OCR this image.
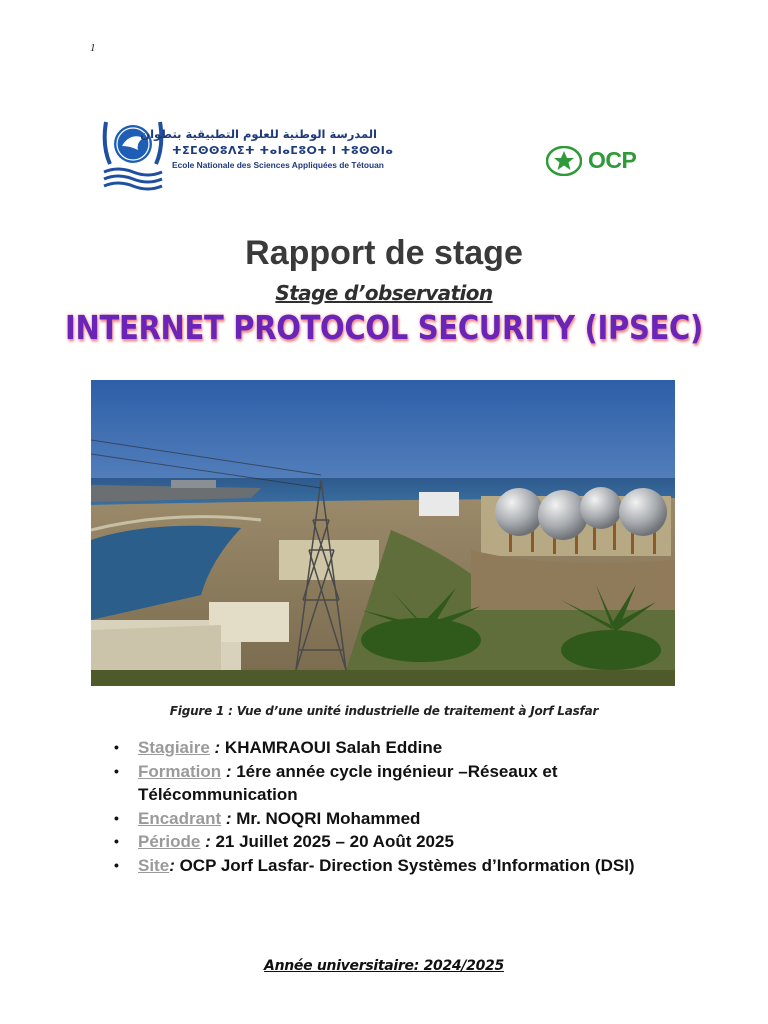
1
المدرسة الوطنية للعلوم التطبيقية بتطوان
ⵜⵉⵎⵙⵙⵓⴷⵉⵜ ⵜⴰⵏⴰⵎⵓⵔⵜ ⵏ ⵜⵓⵙⵙⵏⴰ
Ecole Nationale des Sciences Appliquées de Tétouan	OCP
Rapport de stage
Stage d’observation
INTERNET PROTOCOL SECURITY (IPSEC)
Figure 1 : Vue d’une unité industrielle de traitement à Jorf Lasfar
• Stagiaire : KHAMRAOUI Salah Eddine
• Formation : 1ére année cycle ingénieur –Réseaux et Télécommunication
• Encadrant : Mr. NOQRI Mohammed
• Période : 21 Juillet 2025 – 20 Août 2025
• Site: OCP Jorf Lasfar- Direction Systèmes d’Information (DSI)
Année universitaire: 2024/2025
